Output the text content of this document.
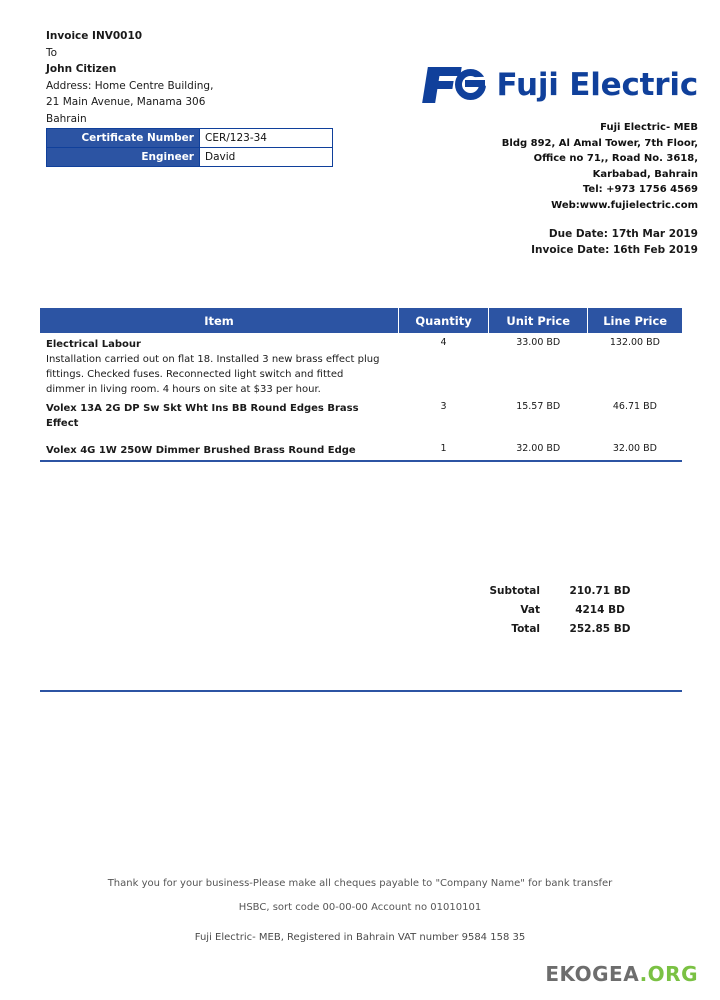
Invoice INV0010
To
John Citizen
Address: Home Centre Building,
21 Main Avenue, Manama 306
Bahrain
Fuji Electric
Fuji Electric- MEB
Bldg 892, Al Amal Tower, 7th Floor,
Office no 71,, Road No. 3618,
Karbabad, Bahrain
Tel: +973 1756 4569
Web:www.fujielectric.com
Due Date: 17th Mar 2019
Invoice Date: 16th Feb 2019
Certificate Number	CER/123-34
Engineer	David
Item	Quantity	Unit Price	Line Price

Electrical Labour
Installation carried out on flat 18. Installed 3 new brass effect plug
fittings. Checked fuses. Reconnected light switch and fitted
dimmer in living room. 4 hours on site at $33 per hour.	4	33.00 BD	132.00 BD

Volex 13A 2G DP Sw Skt Wht Ins BB Round Edges Brass Effect	3	15.57 BD	46.71 BD

Volex 4G 1W 250W Dimmer Brushed Brass Round Edge	1	32.00 BD	32.00 BD

Subtotal	210.71 BD
Vat	4214 BD
Total	252.85 BD
Thank you for your business-Please make all cheques payable to "Company Name" for bank transfer
HSBC, sort code 00-00-00 Account no 01010101
Fuji Electric- MEB, Registered in Bahrain VAT number 9584 158 35
EKOGEA.ORG
